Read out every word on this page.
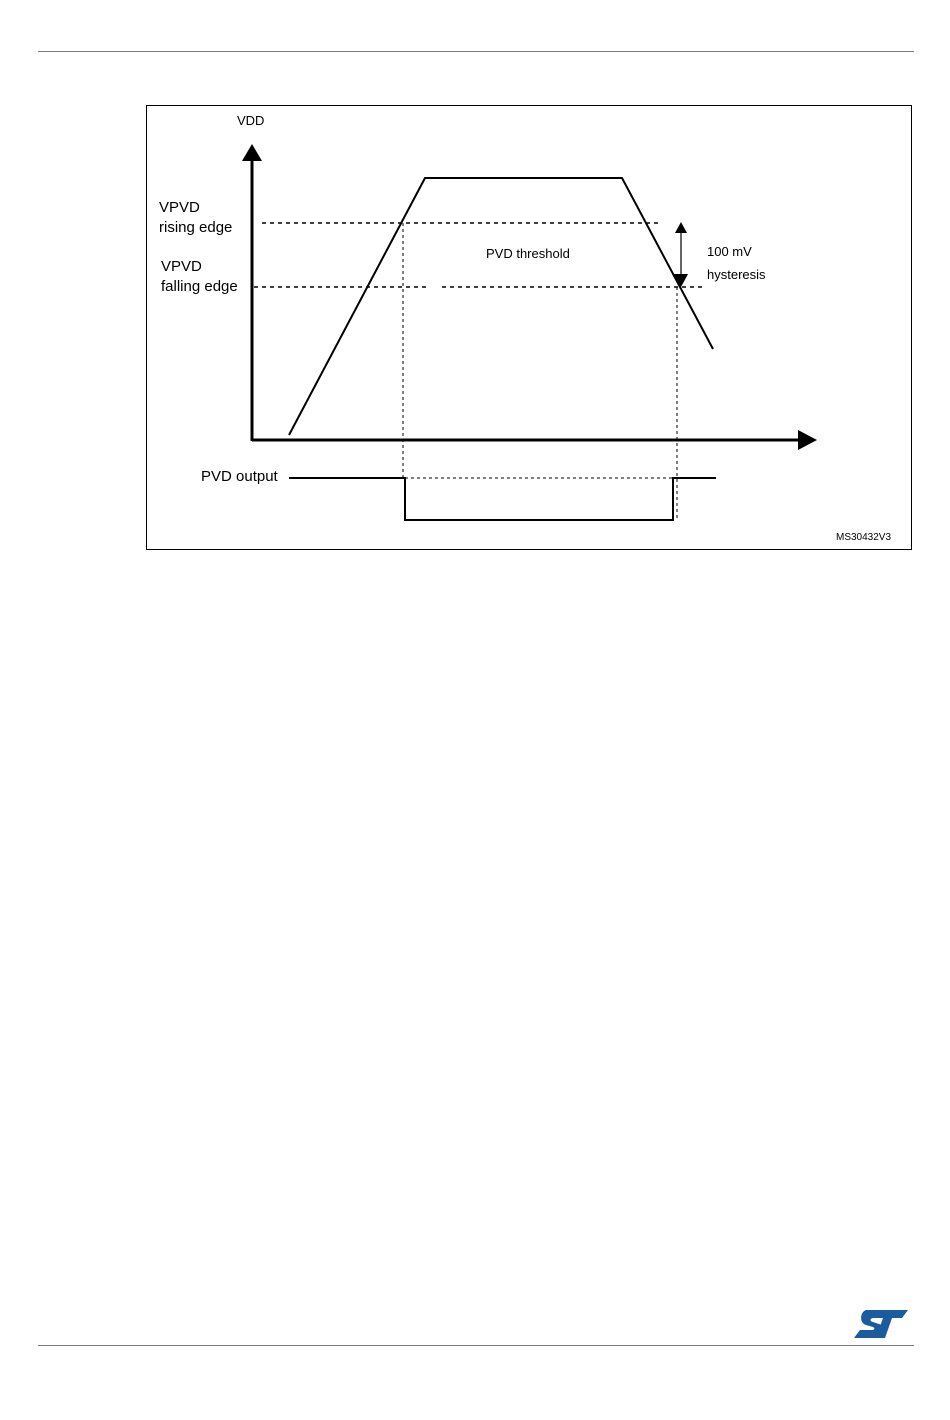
VDD
VPVD
rising edge
VPVD
falling edge
PVD threshold	100 mV
hysteresis
PVD output
MS30432V3
